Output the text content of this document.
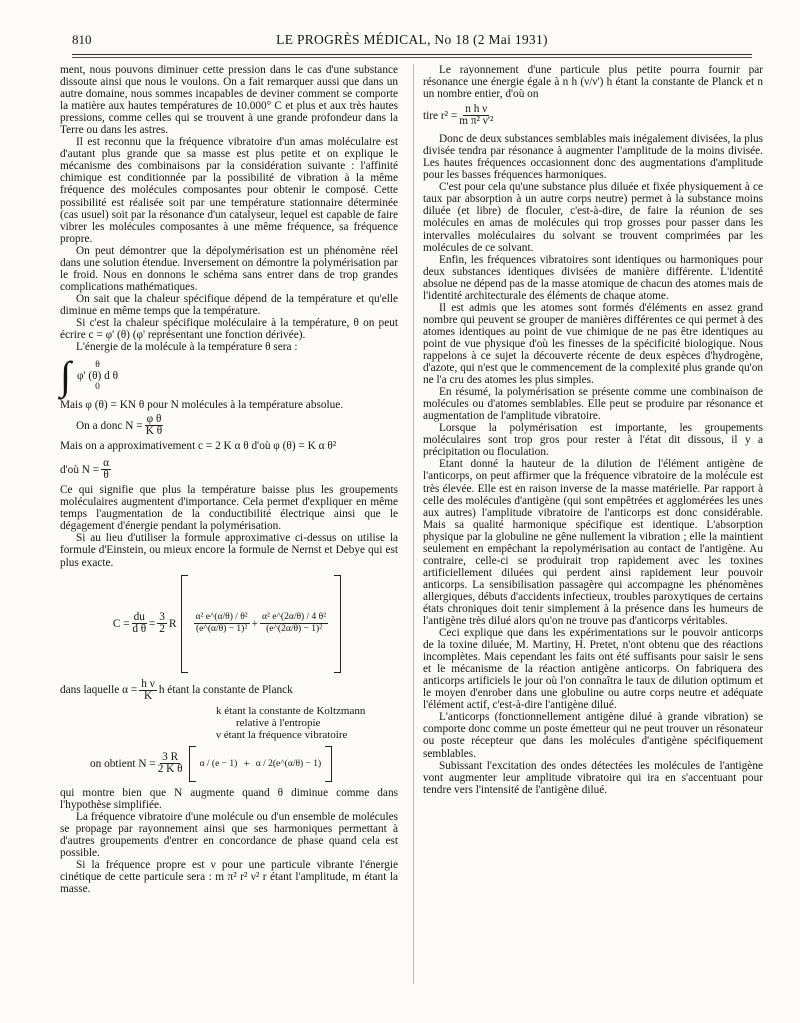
810	LE PROGRÈS MÉDICAL, No 18 (2 Mai 1931)

ment, nous pouvons diminuer cette pression dans le cas d'une substance dissoute ainsi que nous le voulons. On a fait remarquer aussi que dans un autre domaine, nous sommes incapables de deviner comment se comporte la matière aux hautes températures de 10.000° C et plus et aux très hautes pressions, comme celles qui se trouvent à une grande profondeur dans la Terre ou dans les astres.

Il est reconnu que la fréquence vibratoire d'un amas moléculaire est d'autant plus grande que sa masse est plus petite et on explique le mécanisme des combinaisons par la considération suivante : l'affinité chimique est conditionnée par la possibilité de vibration à la même fréquence des molécules composantes pour obtenir le composé. Cette possibilité est réalisée soit par une température stationnaire déterminée (cas usuel) soit par la résonance d'un catalyseur, lequel est capable de faire vibrer les molécules composantes à une même fréquence, sa fréquence propre.

On peut démontrer que la dépolymérisation est un phénomène réel dans une solution étendue. Inversement on démontre la polymérisation par le froid. Nous en donnons le schéma sans entrer dans de trop grandes complications mathématiques.

On sait que la chaleur spécifique dépend de la température et qu'elle diminue en même temps que la température.

Si c'est la chaleur spécifique moléculaire à la température, θ on peut écrire c = φ' (θ) (φ' représentant une fonction dérivée).

L'énergie de la molécule à la température θ sera :

∫	θ
φ' (θ) d θ
0

Mais φ (θ) = KN θ pour N molécules à la température absolue.

On a donc $N = \frac{\text{φ θ}}{\text{K θ}}$

Mais on a approximativement c = 2 K α θ d'où φ (θ) = K α θ²

d'où $N = \frac{\alpha}{\theta}$

Ce qui signifie que plus la température baisse plus les groupements moléculaires augmentent d'importance. Cela permet d'expliquer en même temps l'augmentation de la conductibilité électrique ainsi que le dégagement d'énergie pendant la polymérisation.

Si au lieu d'utiliser la formule approximative ci-dessus on utilise la formule d'Einstein, ou mieux encore la formule de Nernst et Debye qui est plus exacte.

$C = \frac{du}{\text{d θ}} = \frac{3}{2}$ R $\frac{\text{α² e\textasciicircum{}(α/θ) / θ²}}{\text{(e\textasciicircum{}(α/θ) − 1)²}} + \frac{\text{α² e\textasciicircum{}(2α/θ) / 4 θ²}}{\text{(e\textasciicircum{}(2α/θ) − 1)²}}$
dans laquelle $\alpha = \frac{\text{h ν}}{K}$ h étant la constante de Planck

k étant la constante de Koltzmann

relative à l'entropie

ν étant la fréquence vibratoire

on obtient $N = \frac{3 R}{\text{2 K θ}}$ α / (e − 1) + α / 2(e^(α/θ) − 1)

qui montre bien que N augmente quand θ diminue comme dans l'hypothèse simplifiée.

La fréquence vibratoire d'une molécule ou d'un ensemble de molécules se propage par rayonnement ainsi que ses harmoniques permettant à d'autres groupements d'entrer en concordance de phase quand cela est possible.

Si la fréquence propre est ν pour une particule vibrante l'énergie cinétique de cette particule sera : m π² r² ν² r étant l'amplitude, m étant la masse.

Le rayonnement d'une particule plus petite pourra fournir par résonance une énergie égale à n h (ν/ν') h étant la constante de Planck et n un nombre entier, d'où on

tire $r^2 = \frac{\text{n h ν}}{\text{m π² ν'²}}$

Donc de deux substances semblables mais inégalement divisées, la plus divisée tendra par résonance à augmenter l'amplitude de la moins divisée. Les hautes fréquences occasionnent donc des augmentations d'amplitude pour les basses fréquences harmoniques.

C'est pour cela qu'une substance plus diluée et fixée physiquement à ce taux par absorption à un autre corps neutre) permet à la substance moins diluée (et libre) de floculer, c'est-à-dire, de faire la réunion de ses molécules en amas de molécules qui trop grosses pour passer dans les intervalles moléculaires du solvant se trouvent comprimées par les molécules de ce solvant.

Enfin, les fréquences vibratoires sont identiques ou harmoniques pour deux substances identiques divisées de manière différente. L'identité absolue ne dépend pas de la masse atomique de chacun des atomes mais de l'identité architecturale des éléments de chaque atome.

Il est admis que les atomes sont formés d'éléments en assez grand nombre qui peuvent se grouper de manières différentes ce qui permet à des atomes identiques au point de vue chimique de ne pas être identiques au point de vue physique d'où les finesses de la spécificité biologique. Nous rappelons à ce sujet la découverte récente de deux espèces d'hydrogène, d'azote, qui n'est que le commencement de la complexité plus grande qu'on ne l'a cru des atomes les plus simples.

En résumé, la polymérisation se présente comme une combinaison de molécules ou d'atomes semblables. Elle peut se produire par résonance et augmentation de l'amplitude vibratoire.

Lorsque la polymérisation est importante, les groupements moléculaires sont trop gros pour rester à l'état dit dissous, il y a précipitation ou floculation.

Etant donné la hauteur de la dilution de l'élément antigène de l'anticorps, on peut affirmer que la fréquence vibratoire de la molécule est très élevée. Elle est en raison inverse de la masse matérielle. Par rapport à celle des molécules d'antigène (qui sont empêtrées et agglomérées les unes aux autres) l'amplitude vibratoire de l'anticorps est donc considérable. Mais sa qualité harmonique spécifique est identique. L'absorption physique par la globuline ne gêne nullement la vibration ; elle la maintient seulement en empêchant la repolymérisation au contact de l'antigène. Au contraire, celle-ci se produirait trop rapidement avec les toxines artificiellement diluées qui perdent ainsi rapidement leur pouvoir anticorps. La sensibilisation passagère qui accompagne les phénomènes allergiques, débuts d'accidents infectieux, troubles paroxytiques de certains états chroniques doit tenir simplement à la présence dans les humeurs de l'antigène très dilué alors qu'on ne trouve pas d'anticorps véritables.

Ceci explique que dans les expérimentations sur le pouvoir anticorps de la toxine diluée, M. Martiny, H. Pretet, n'ont obtenu que des réactions incomplètes. Mais cependant les faits ont été suffisants pour saisir le sens et le mécanisme de la réaction antigène anticorps. On fabriquera des anticorps artificiels le jour où l'on connaîtra le taux de dilution optimum et le moyen d'enrober dans une globuline ou autre corps neutre et adéquate l'élément actif, c'est-à-dire l'antigène dilué.

L'anticorps (fonctionnellement antigène dilué à grande vibration) se comporte donc comme un poste émetteur qui ne peut trouver un résonateur ou poste récepteur que dans les molécules d'antigène spécifiquement semblables.

Subissant l'excitation des ondes détectées les molécules de l'antigène vont augmenter leur amplitude vibratoire qui ira en s'accentuant pour tendre vers l'intensité de l'antigène dilué.
